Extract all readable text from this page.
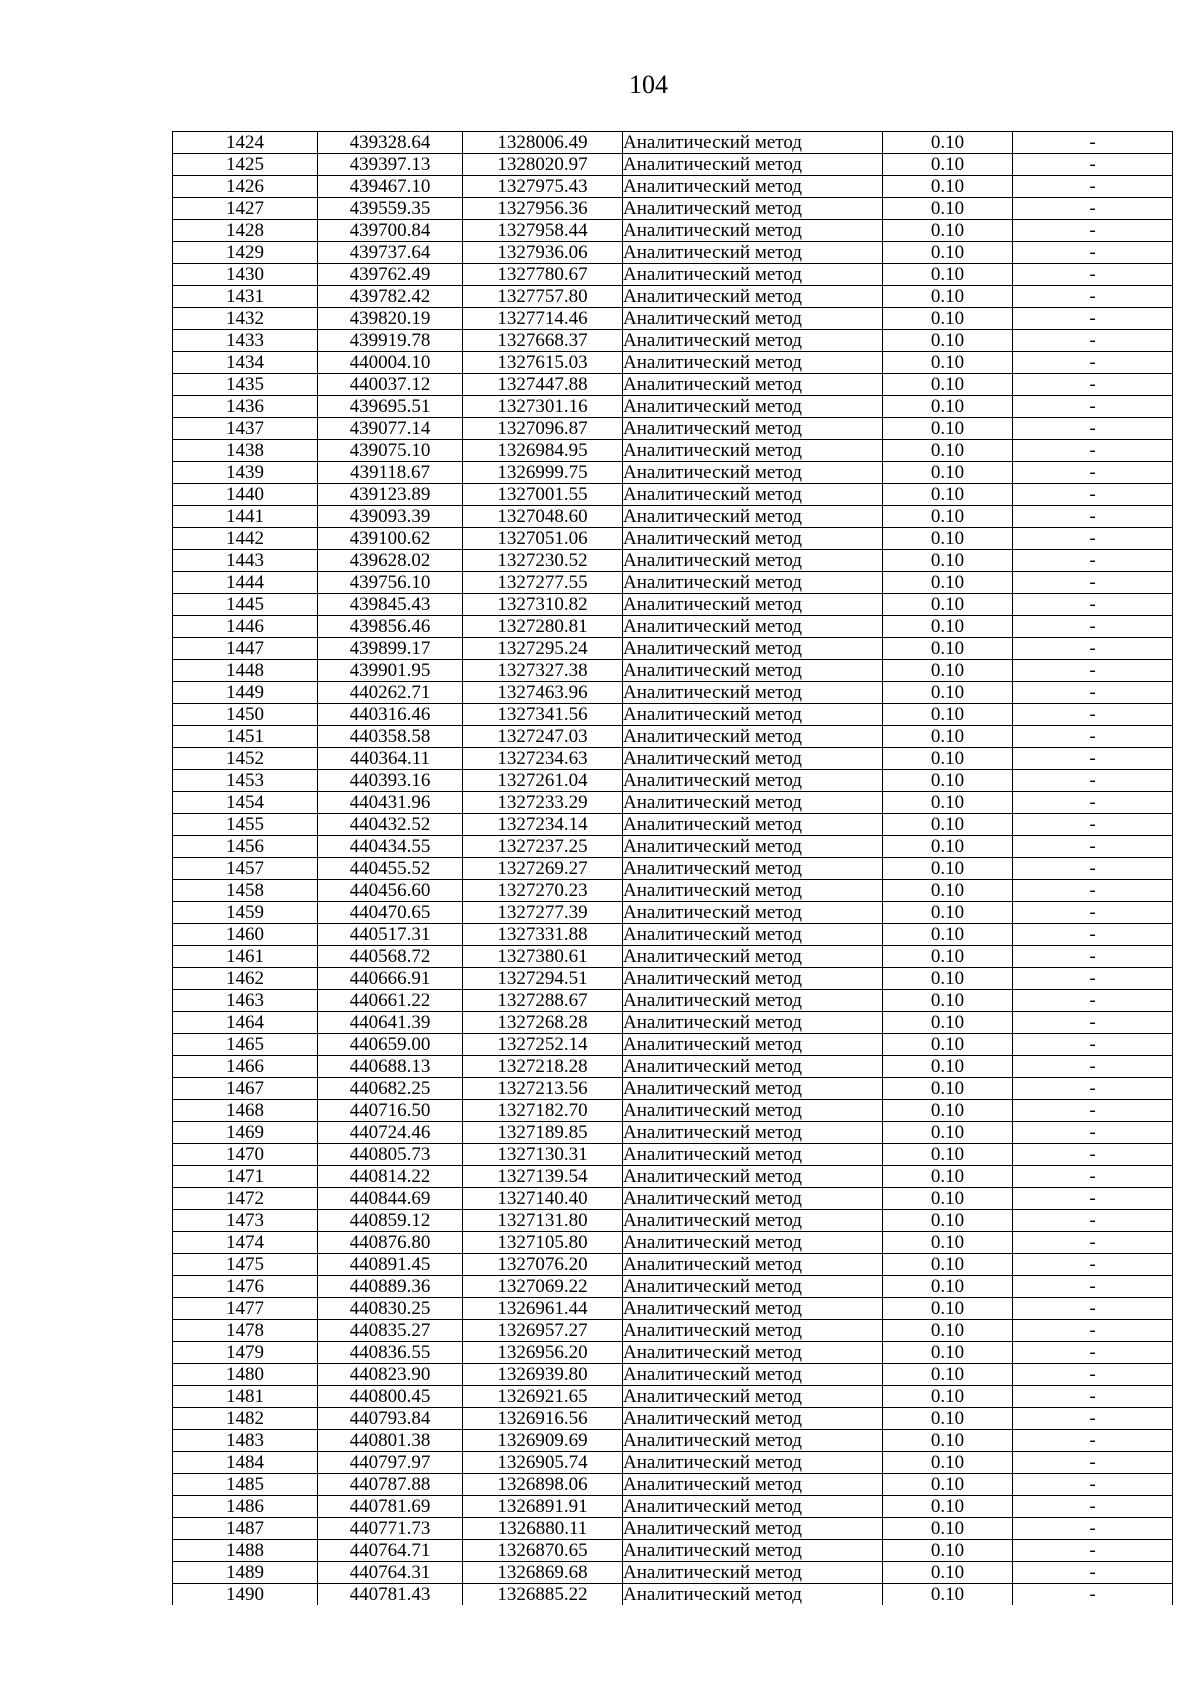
104
1424	439328.64	1328006.49	Аналитический метод	0.10	-
1425	439397.13	1328020.97	Аналитический метод	0.10	-
1426	439467.10	1327975.43	Аналитический метод	0.10	-
1427	439559.35	1327956.36	Аналитический метод	0.10	-
1428	439700.84	1327958.44	Аналитический метод	0.10	-
1429	439737.64	1327936.06	Аналитический метод	0.10	-
1430	439762.49	1327780.67	Аналитический метод	0.10	-
1431	439782.42	1327757.80	Аналитический метод	0.10	-
1432	439820.19	1327714.46	Аналитический метод	0.10	-
1433	439919.78	1327668.37	Аналитический метод	0.10	-
1434	440004.10	1327615.03	Аналитический метод	0.10	-
1435	440037.12	1327447.88	Аналитический метод	0.10	-
1436	439695.51	1327301.16	Аналитический метод	0.10	-
1437	439077.14	1327096.87	Аналитический метод	0.10	-
1438	439075.10	1326984.95	Аналитический метод	0.10	-
1439	439118.67	1326999.75	Аналитический метод	0.10	-
1440	439123.89	1327001.55	Аналитический метод	0.10	-
1441	439093.39	1327048.60	Аналитический метод	0.10	-
1442	439100.62	1327051.06	Аналитический метод	0.10	-
1443	439628.02	1327230.52	Аналитический метод	0.10	-
1444	439756.10	1327277.55	Аналитический метод	0.10	-
1445	439845.43	1327310.82	Аналитический метод	0.10	-
1446	439856.46	1327280.81	Аналитический метод	0.10	-
1447	439899.17	1327295.24	Аналитический метод	0.10	-
1448	439901.95	1327327.38	Аналитический метод	0.10	-
1449	440262.71	1327463.96	Аналитический метод	0.10	-
1450	440316.46	1327341.56	Аналитический метод	0.10	-
1451	440358.58	1327247.03	Аналитический метод	0.10	-
1452	440364.11	1327234.63	Аналитический метод	0.10	-
1453	440393.16	1327261.04	Аналитический метод	0.10	-
1454	440431.96	1327233.29	Аналитический метод	0.10	-
1455	440432.52	1327234.14	Аналитический метод	0.10	-
1456	440434.55	1327237.25	Аналитический метод	0.10	-
1457	440455.52	1327269.27	Аналитический метод	0.10	-
1458	440456.60	1327270.23	Аналитический метод	0.10	-
1459	440470.65	1327277.39	Аналитический метод	0.10	-
1460	440517.31	1327331.88	Аналитический метод	0.10	-
1461	440568.72	1327380.61	Аналитический метод	0.10	-
1462	440666.91	1327294.51	Аналитический метод	0.10	-
1463	440661.22	1327288.67	Аналитический метод	0.10	-
1464	440641.39	1327268.28	Аналитический метод	0.10	-
1465	440659.00	1327252.14	Аналитический метод	0.10	-
1466	440688.13	1327218.28	Аналитический метод	0.10	-
1467	440682.25	1327213.56	Аналитический метод	0.10	-
1468	440716.50	1327182.70	Аналитический метод	0.10	-
1469	440724.46	1327189.85	Аналитический метод	0.10	-
1470	440805.73	1327130.31	Аналитический метод	0.10	-
1471	440814.22	1327139.54	Аналитический метод	0.10	-
1472	440844.69	1327140.40	Аналитический метод	0.10	-
1473	440859.12	1327131.80	Аналитический метод	0.10	-
1474	440876.80	1327105.80	Аналитический метод	0.10	-
1475	440891.45	1327076.20	Аналитический метод	0.10	-
1476	440889.36	1327069.22	Аналитический метод	0.10	-
1477	440830.25	1326961.44	Аналитический метод	0.10	-
1478	440835.27	1326957.27	Аналитический метод	0.10	-
1479	440836.55	1326956.20	Аналитический метод	0.10	-
1480	440823.90	1326939.80	Аналитический метод	0.10	-
1481	440800.45	1326921.65	Аналитический метод	0.10	-
1482	440793.84	1326916.56	Аналитический метод	0.10	-
1483	440801.38	1326909.69	Аналитический метод	0.10	-
1484	440797.97	1326905.74	Аналитический метод	0.10	-
1485	440787.88	1326898.06	Аналитический метод	0.10	-
1486	440781.69	1326891.91	Аналитический метод	0.10	-
1487	440771.73	1326880.11	Аналитический метод	0.10	-
1488	440764.71	1326870.65	Аналитический метод	0.10	-
1489	440764.31	1326869.68	Аналитический метод	0.10	-
1490	440781.43	1326885.22	Аналитический метод	0.10	-
